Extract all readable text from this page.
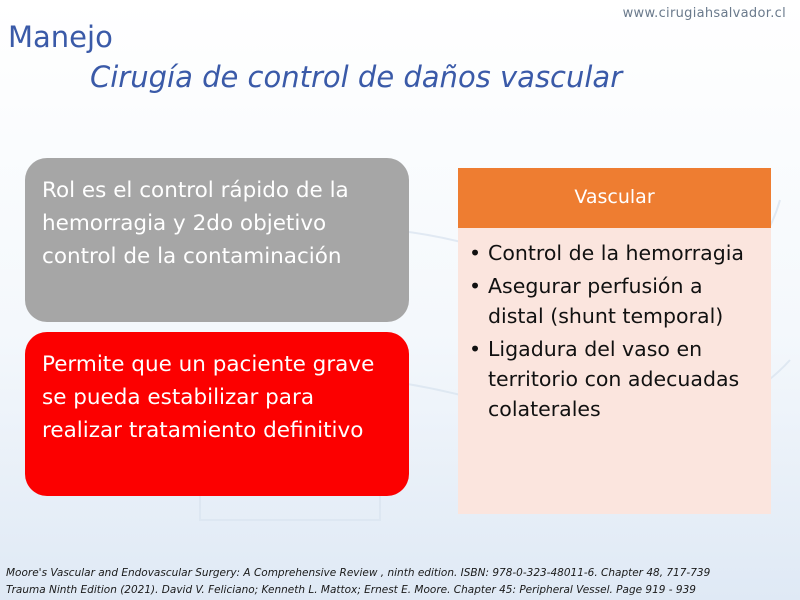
www.cirugiahsalvador.cl
Manejo
Cirugía de control de daños vascular
Rol es el control rápido de la hemorragia y 2do objetivo control de la contaminación
Permite que un paciente grave se pueda estabilizar para realizar tratamiento definitivo
Vascular
• Control de la hemorragia
• Asegurar perfusión a distal (shunt temporal)
• Ligadura del vaso en territorio con adecuadas colaterales
Moore's Vascular and Endovascular Surgery: A Comprehensive Review , ninth edition. ISBN: 978-0-323-48011-6. Chapter 48, 717-739
Trauma Ninth Edition (2021). David V. Feliciano; Kenneth L. Mattox; Ernest E. Moore. Chapter 45: Peripheral Vessel. Page 919 - 939
